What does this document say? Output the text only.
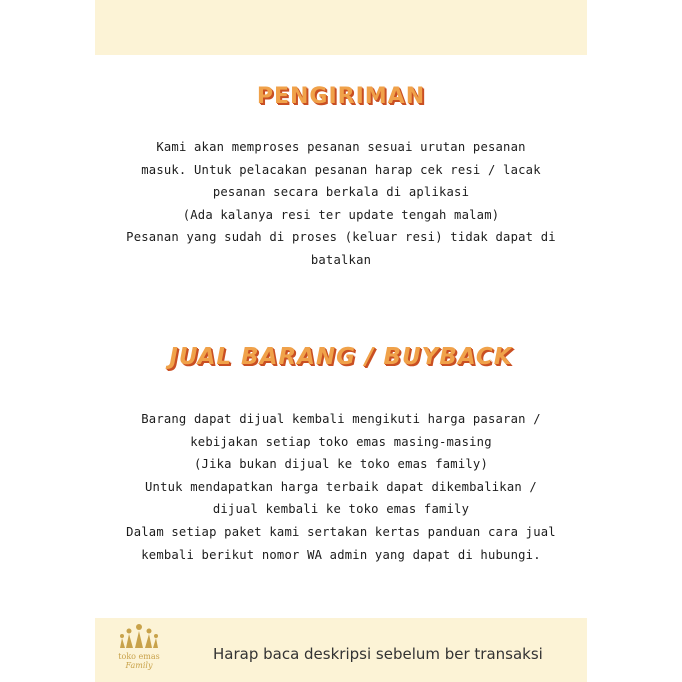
PENGIRIMAN
Kami akan memproses pesanan sesuai urutan pesanan
masuk. Untuk pelacakan pesanan harap cek resi / lacak
pesanan secara berkala di aplikasi
(Ada kalanya resi ter update tengah malam)
Pesanan yang sudah di proses (keluar resi) tidak dapat di
batalkan
JUAL BARANG / BUYBACK
Barang dapat dijual kembali mengikuti harga pasaran /
kebijakan setiap toko emas masing-masing
(Jika bukan dijual ke toko emas family)
Untuk mendapatkan harga terbaik dapat dikembalikan /
dijual kembali ke toko emas family
Dalam setiap paket kami sertakan kertas panduan cara jual
kembali berikut nomor WA admin yang dapat di hubungi.
toko emas
Family
Harap baca deskripsi sebelum ber transaksi
